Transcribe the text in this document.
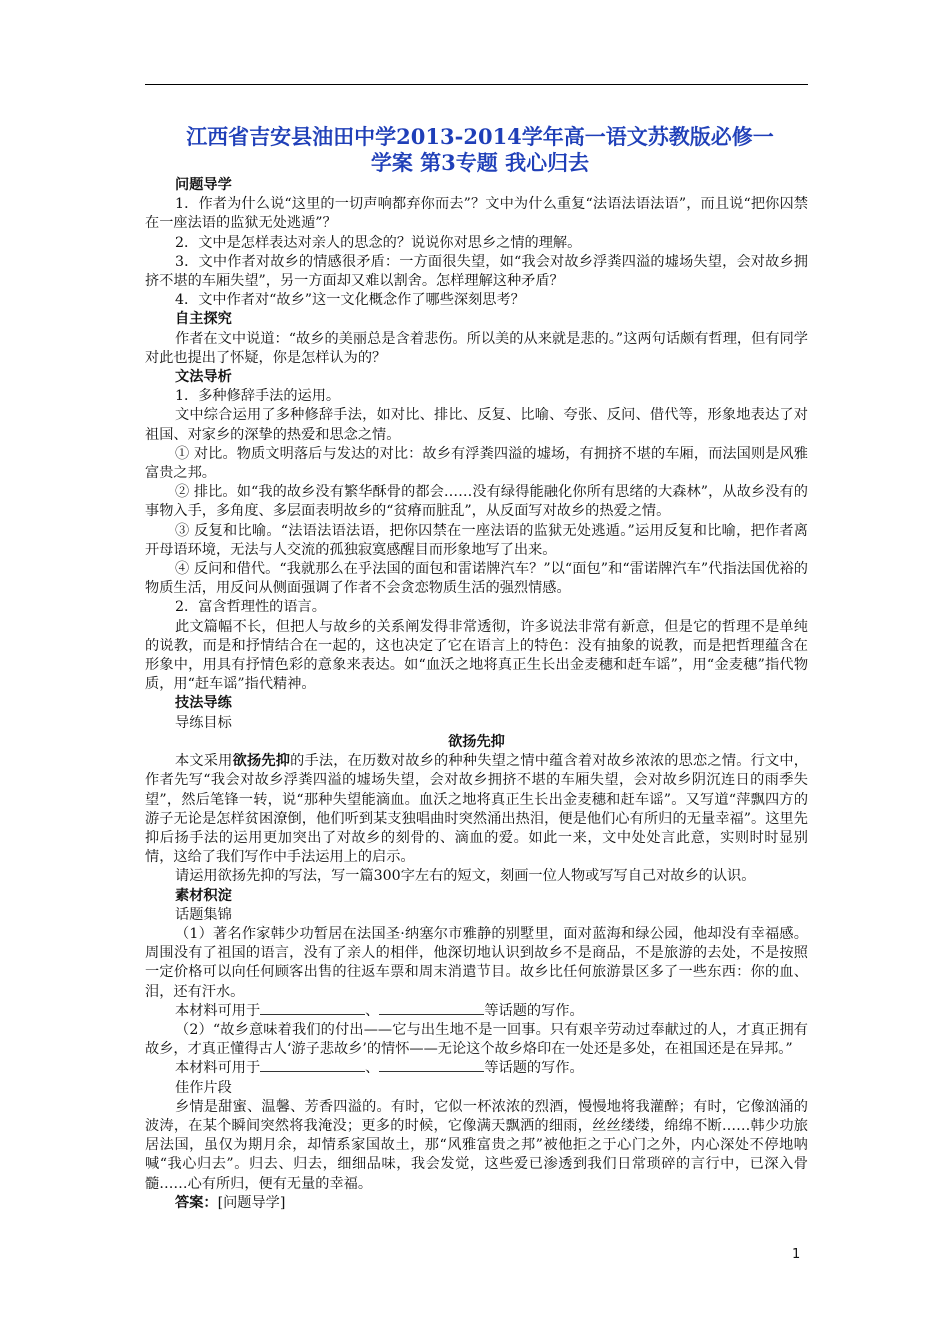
江西省吉安县油田中学2013-2014学年高一语文苏教版必修一
学案 第3专题 我心归去

问题导学

1．作者为什么说“这里的一切声响都弃你而去”？文中为什么重复“法语法语法语”，而且说“把你囚禁在一座法语的监狱无处逃遁”？

2．文中是怎样表达对亲人的思念的？说说你对思乡之情的理解。

3．文中作者对故乡的情感很矛盾：一方面很失望，如“我会对故乡浮粪四溢的墟场失望，会对故乡拥挤不堪的车厢失望”，另一方面却又难以割舍。怎样理解这种矛盾？

4．文中作者对“故乡”这一文化概念作了哪些深刻思考？

自主探究

作者在文中说道：“故乡的美丽总是含着悲伤。所以美的从来就是悲的。”这两句话颇有哲理，但有同学对此也提出了怀疑，你是怎样认为的？

文法导析

1．多种修辞手法的运用。

文中综合运用了多种修辞手法，如对比、排比、反复、比喻、夸张、反问、借代等，形象地表达了对祖国、对家乡的深挚的热爱和思念之情。

① 对比。物质文明落后与发达的对比：故乡有浮粪四溢的墟场，有拥挤不堪的车厢，而法国则是风雅富贵之邦。

② 排比。如“我的故乡没有繁华酥骨的都会……没有绿得能融化你所有思绪的大森林”，从故乡没有的事物入手，多角度、多层面表明故乡的“贫瘠而脏乱”，从反面写对故乡的热爱之情。

③ 反复和比喻。“法语法语法语，把你囚禁在一座法语的监狱无处逃遁。”运用反复和比喻，把作者离开母语环境，无法与人交流的孤独寂寞感醒目而形象地写了出来。

④ 反问和借代。“我就那么在乎法国的面包和雷诺牌汽车？”以“面包”和“雷诺牌汽车”代指法国优裕的物质生活，用反问从侧面强调了作者不会贪恋物质生活的强烈情感。

2．富含哲理性的语言。

此文篇幅不长，但把人与故乡的关系阐发得非常透彻，许多说法非常有新意，但是它的哲理不是单纯的说教，而是和抒情结合在一起的，这也决定了它在语言上的特色：没有抽象的说教，而是把哲理蕴含在形象中，用具有抒情色彩的意象来表达。如“血沃之地将真正生长出金麦穗和赶车谣”，用“金麦穗”指代物质，用“赶车谣”指代精神。

技法导练

导练目标

欲扬先抑

本文采用欲扬先抑的手法，在历数对故乡的种种失望之情中蕴含着对故乡浓浓的思恋之情。行文中，作者先写“我会对故乡浮粪四溢的墟场失望，会对故乡拥挤不堪的车厢失望，会对故乡阴沉连日的雨季失望”，然后笔锋一转，说“那种失望能滴血。血沃之地将真正生长出金麦穗和赶车谣”。又写道“萍飘四方的游子无论是怎样贫困潦倒，他们听到某支独唱曲时突然涌出热泪，便是他们心有所归的无量幸福”。这里先抑后扬手法的运用更加突出了对故乡的刻骨的、滴血的爱。如此一来，文中处处言此意，实则时时显别情，这给了我们写作中手法运用上的启示。

请运用欲扬先抑的写法，写一篇300字左右的短文，刻画一位人物或写写自己对故乡的认识。

素材积淀

话题集锦

（1）著名作家韩少功暂居在法国圣·纳塞尔市雅静的别墅里，面对蓝海和绿公园，他却没有幸福感。周围没有了祖国的语言，没有了亲人的相伴，他深切地认识到故乡不是商品，不是旅游的去处，不是按照一定价格可以向任何顾客出售的往返车票和周末消遣节目。故乡比任何旅游景区多了一些东西：你的血、泪，还有汗水。

本材料可用于	、	等话题的写作。

（2）“故乡意味着我们的付出——它与出生地不是一回事。只有艰辛劳动过奉献过的人，才真正拥有故乡，才真正懂得古人‘游子悲故乡’的情怀——无论这个故乡烙印在一处还是多处，在祖国还是在异邦。”

本材料可用于	、	等话题的写作。

佳作片段

乡情是甜蜜、温馨、芳香四溢的。有时，它似一杯浓浓的烈酒，慢慢地将我灌醉；有时，它像汹涌的波涛，在某个瞬间突然将我淹没；更多的时候，它像满天飘洒的细雨，丝丝缕缕，绵绵不断……韩少功旅居法国，虽仅为期月余，却情系家国故土，那“风雅富贵之邦”被他拒之于心门之外，内心深处不停地呐喊“我心归去”。归去、归去，细细品味，我会发觉，这些爱已渗透到我们日常琐碎的言行中，已深入骨髓……心有所归，便有无量的幸福。

答案：[问题导学]

1
